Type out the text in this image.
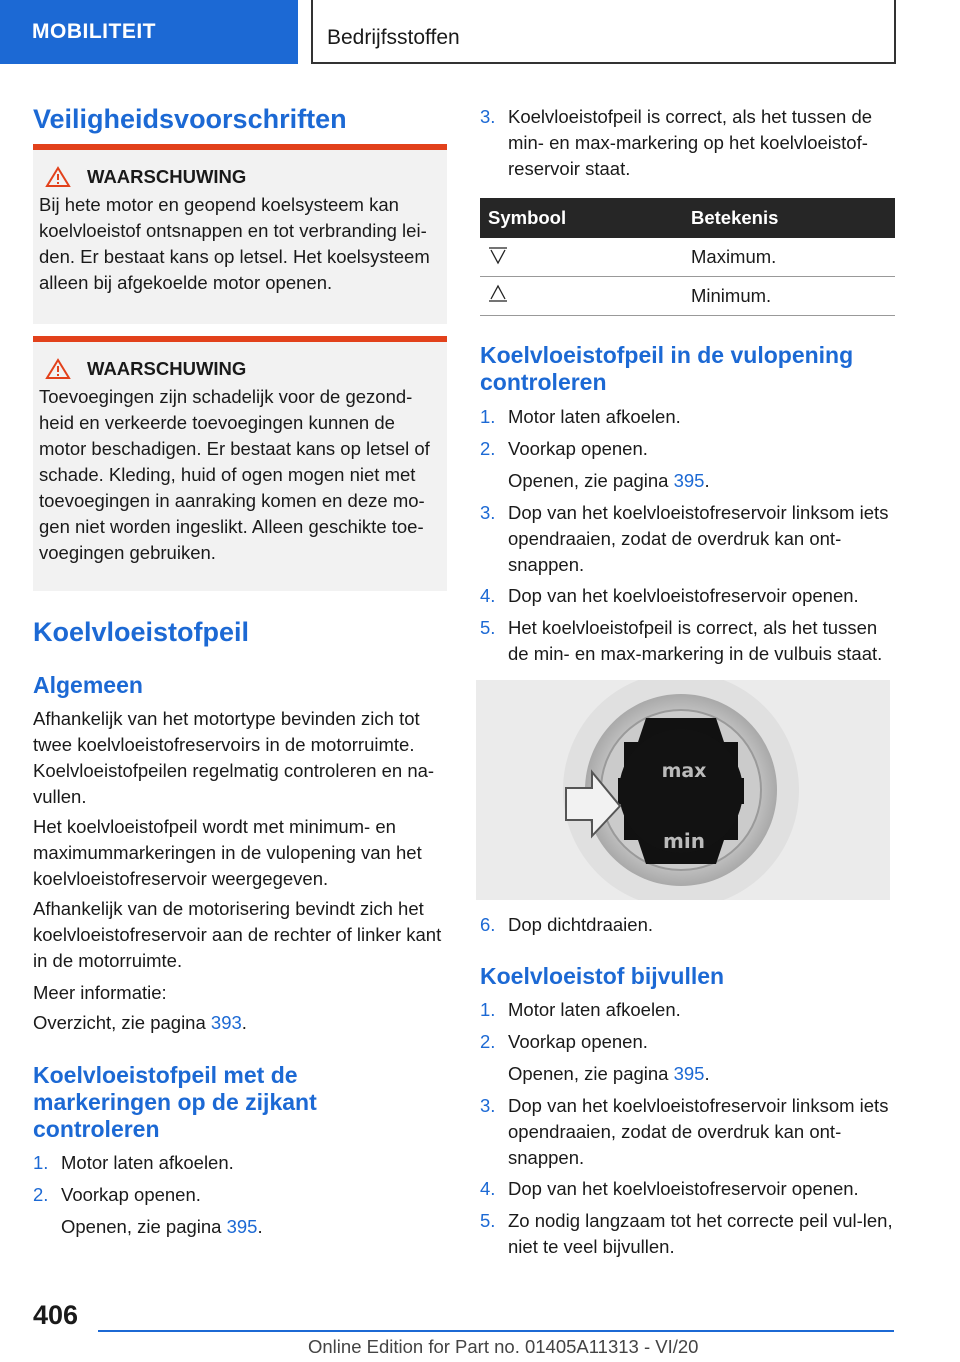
MOBILITEIT	Bedrijfsstoffen
Veiligheidsvoorschriften
WAARSCHUWING
Bij hete motor en geopend koelsysteem kan koelvloeistof ontsnappen en tot verbranding lei-den. Er bestaat kans op letsel. Het koelsysteem alleen bij afgekoelde motor openen.
WAARSCHUWING
Toevoegingen zijn schadelijk voor de gezond-heid en verkeerde toevoegingen kunnen de motor beschadigen. Er bestaat kans op letsel of schade. Kleding, huid of ogen mogen niet met toevoegingen in aanraking komen en deze mo-gen niet worden ingeslikt. Alleen geschikte toe-voegingen gebruiken.
Koelvloeistofpeil
Algemeen

Afhankelijk van het motortype bevinden zich tot twee koelvloeistofreservoirs in de motorruimte. Koelvloeistofpeilen regelmatig controleren en na-vullen.

Het koelvloeistofpeil wordt met minimum- en maximummarkeringen in de vulopening van het koelvloeistofreservoir weergegeven.

Afhankelijk van de motorisering bevindt zich het koelvloeistofreservoir aan de rechter of linker kant in de motorruimte.

Meer informatie:

Overzicht, zie pagina 393.

Koelvloeistofpeil met de markeringen op de zijkant controleren
1. Motor laten afkoelen.
2. Voorkap openen.

Openen, zie pagina 395.

3. Koelvloeistofpeil is correct, als het tussen de min- en max-markering op het koelvloeistof-reservoir staat.
Symbool	Betekenis
	Maximum.
	Minimum.
Koelvloeistofpeil in de vulopening controleren
1. Motor laten afkoelen.
2. Voorkap openen.

Openen, zie pagina 395.

3. Dop van het koelvloeistofreservoir linksom iets opendraaien, zodat de overdruk kan ont-snappen.
4. Dop van het koelvloeistofreservoir openen.
5. Het koelvloeistofpeil is correct, als het tussen de min- en max-markering in de vulbuis staat.
max
min
6. Dop dichtdraaien.
Koelvloeistof bijvullen
1. Motor laten afkoelen.
2. Voorkap openen.

Openen, zie pagina 395.

3. Dop van het koelvloeistofreservoir linksom iets opendraaien, zodat de overdruk kan ont-snappen.
4. Dop van het koelvloeistofreservoir openen.
5. Zo nodig langzaam tot het correcte peil vul-len, niet te veel bijvullen.
406
Online Edition for Part no. 01405A11313 - VI/20
